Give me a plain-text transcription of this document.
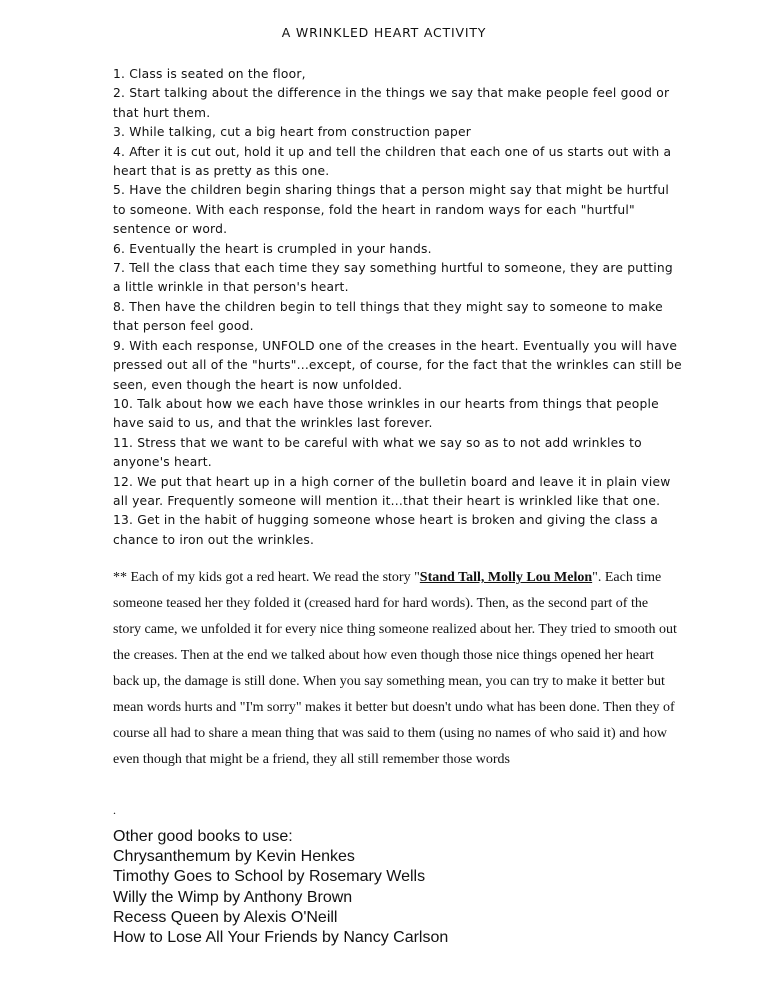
A WRINKLED HEART ACTIVITY
1. Class is seated on the floor,
2. Start talking about the difference in the things we say that make people feel good or that hurt them.
3. While talking, cut a big heart from construction paper
4. After it is cut out, hold it up and tell the children that each one of us starts out with a heart that is as pretty as this one.
5. Have the children begin sharing things that a person might say that might be hurtful to someone. With each response, fold the heart in random ways for each "hurtful" sentence or word.
6. Eventually the heart is crumpled in your hands.
7. Tell the class that each time they say something hurtful to someone, they are putting a little wrinkle in that person's heart.
8. Then have the children begin to tell things that they might say to someone to make that person feel good.
9. With each response, UNFOLD one of the creases in the heart. Eventually you will have pressed out all of the "hurts"...except, of course, for the fact that the wrinkles can still be seen, even though the heart is now unfolded.
10. Talk about how we each have those wrinkles in our hearts from things that people have said to us, and that the wrinkles last forever.
11. Stress that we want to be careful with what we say so as to not add wrinkles to anyone's heart.
12. We put that heart up in a high corner of the bulletin board and leave it in plain view all year. Frequently someone will mention it...that their heart is wrinkled like that one.
13. Get in the habit of hugging someone whose heart is broken and giving the class a chance to iron out the wrinkles.

** Each of my kids got a red heart. We read the story "Stand Tall, Molly Lou Melon". Each time someone teased her they folded it (creased hard for hard words). Then, as the second part of the story came, we unfolded it for every nice thing someone realized about her. They tried to smooth out the creases. Then at the end we talked about how even though those nice things opened her heart back up, the damage is still done. When you say something mean, you can try to make it better but mean words hurts and "I'm sorry" makes it better but doesn't undo what has been done. Then they of course all had to share a mean thing that was said to them (using no names of who said it) and how even though that might be a friend, they all still remember those words

.
Other good books to use:
Chrysanthemum by Kevin Henkes
Timothy Goes to School by Rosemary Wells
Willy the Wimp by Anthony Brown
Recess Queen by Alexis O'Neill
How to Lose All Your Friends by Nancy Carlson
